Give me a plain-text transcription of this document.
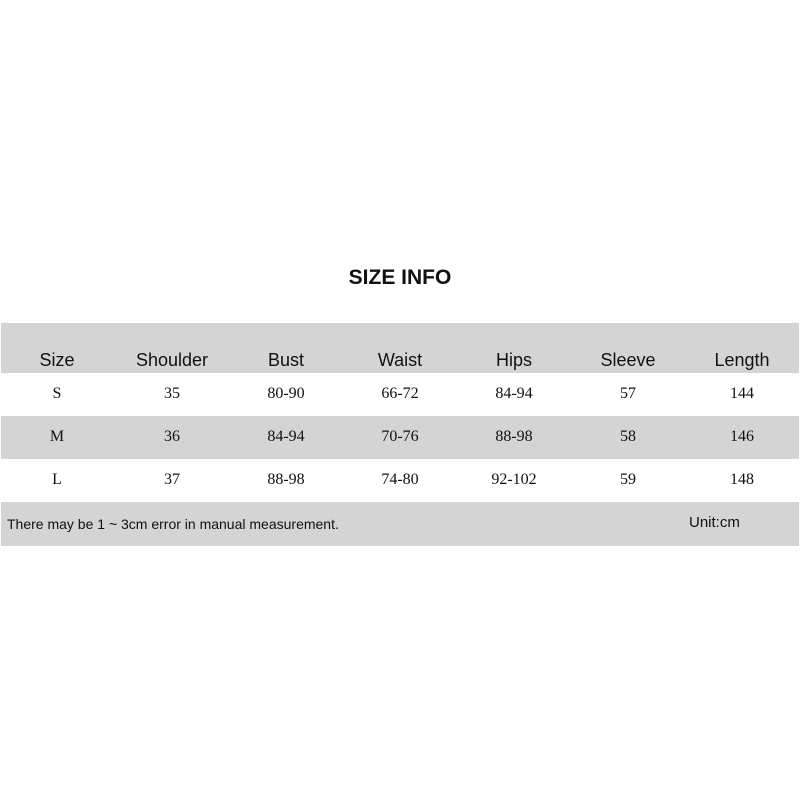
SIZE INFO
Size	Shoulder	Bust	Waist	Hips	Sleeve	Length
S	35	80-90	66-72	84-94	57	144
M	36	84-94	70-76	88-98	58	146
L	37	88-98	74-80	92-102	59	148
There may be 1 ~ 3cm error in manual measurement.	Unit:cm
